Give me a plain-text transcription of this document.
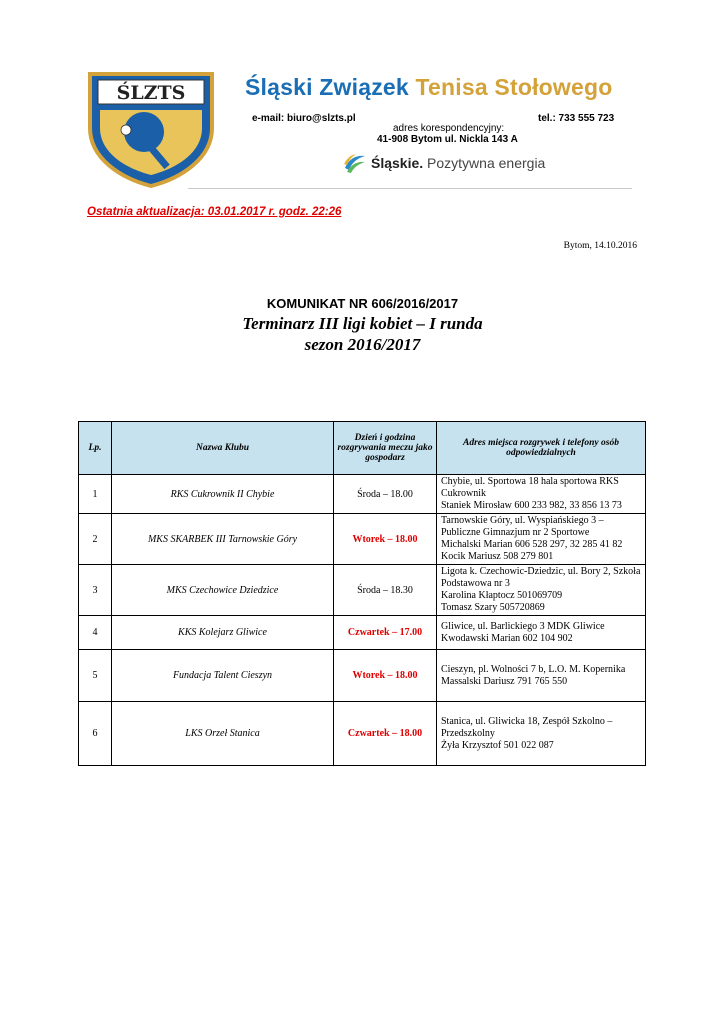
ŚLZTS	Śląski Związek Tenisa Stołowego
e-mail: biuro@slzts.pl	tel.: 733 555 723
adres korespondencyjny:
41-908 Bytom ul. Nickla 143 A
Śląskie. Pozytywna energia
Ostatnia aktualizacja: 03.01.2017 r. godz. 22:26
Bytom, 14.10.2016
KOMUNIKAT NR 606/2016/2017
Terminarz III ligi kobiet – I runda
sezon 2016/2017
Lp.	Nazwa Klubu	Dzień i godzina rozgrywania meczu jako gospodarz	Adres miejsca rozgrywek i telefony osób odpowiedzialnych
1	RKS Cukrownik II Chybie	Środa – 18.00	Chybie, ul. Sportowa 18 hala sportowa RKS Cukrownik
Staniek Mirosław 600 233 982, 33 856 13 73

2	MKS SKARBEK III Tarnowskie Góry	Wtorek – 18.00	Tarnowskie Góry, ul. Wyspiańskiego 3 – Publiczne Gimnazjum nr 2 Sportowe
Michalski Marian 606 528 297, 32 285 41 82
Kocik Mariusz 508 279 801

3	MKS Czechowice Dziedzice	Środa – 18.30	Ligota k. Czechowic-Dziedzic, ul. Bory 2, Szkoła Podstawowa nr 3
Karolina Kłaptocz 501069709
Tomasz Szary 505720869

4	KKS Kolejarz Gliwice	Czwartek – 17.00	Gliwice, ul. Barlickiego 3 MDK Gliwice
Kwodawski Marian 602 104 902

5	Fundacja Talent Cieszyn	Wtorek – 18.00	Cieszyn, pl. Wolności 7 b, L.O. M. Kopernika
Massalski Dariusz 791 765 550

6	LKS Orzeł Stanica	Czwartek – 18.00	Stanica, ul. Gliwicka 18, Zespół Szkolno – Przedszkolny
Żyła Krzysztof 501 022 087
